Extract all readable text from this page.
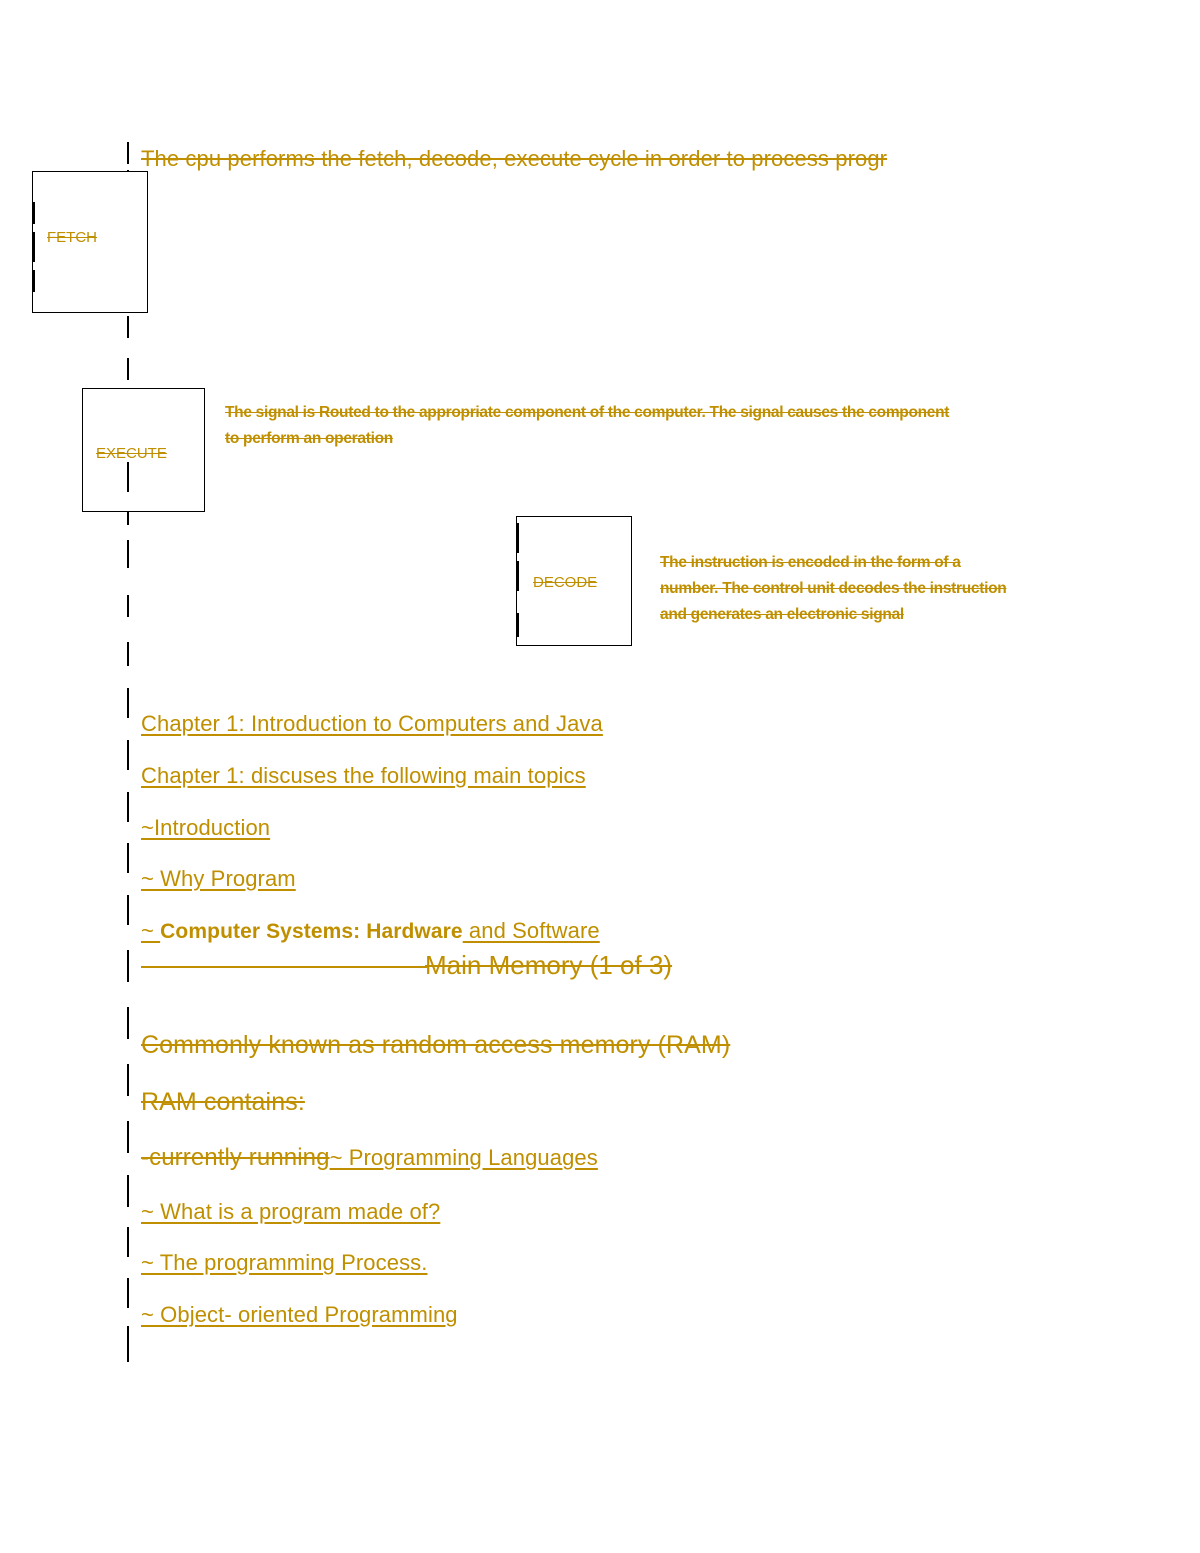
The cpu performs the fetch, decode, execute cycle in order to process progr

FETCH
EXECUTE
The signal is Routed to the appropriate component of the computer. The signal causes the component
to perform an operation
DECODE
The instruction is encoded in the form of a
number. The control unit decodes the instruction
and generates an electronic signal

Chapter 1: Introduction to Computers and Java

Chapter 1: discuses the following main topics

~Introduction

~ Why Program

~ Computer Systems: Hardware and Software

Main Memory (1 of 3)

Commonly known as random access memory (RAM)

RAM contains:

-currently running~ Programming Languages

~ What is a program made of?

~ The programming Process.

~ Object- oriented Programming
